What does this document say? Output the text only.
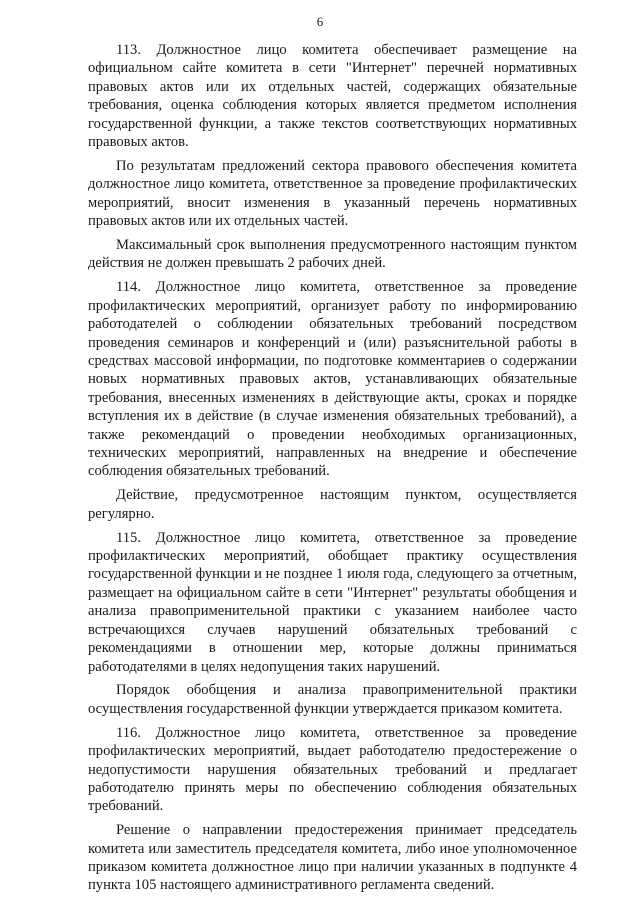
6

113. Должностное лицо комитета обеспечивает размещение на официальном сайте комитета в сети "Интернет" перечней нормативных правовых актов или их отдельных частей, содержащих обязательные требования, оценка соблюдения которых является предметом исполнения государственной функции, а также текстов соответствующих нормативных правовых актов.

По результатам предложений сектора правового обеспечения комитета должностное лицо комитета, ответственное за проведение профилактических мероприятий, вносит изменения в указанный перечень нормативных правовых актов или их отдельных частей.

Максимальный срок выполнения предусмотренного настоящим пунктом действия не должен превышать 2 рабочих дней.

114. Должностное лицо комитета, ответственное за проведение профилактических мероприятий, организует работу по информированию работодателей о соблюдении обязательных требований посредством проведения семинаров и конференций и (или) разъяснительной работы в средствах массовой информации, по подготовке комментариев о содержании новых нормативных правовых актов, устанавливающих обязательные требования, внесенных изменениях в действующие акты, сроках и порядке вступления их в действие (в случае изменения обязательных требований), а также рекомендаций о проведении необходимых организационных, технических мероприятий, направленных на внедрение и обеспечение соблюдения обязательных требований.

Действие, предусмотренное настоящим пунктом, осуществляется регулярно.

115. Должностное лицо комитета, ответственное за проведение профилактических мероприятий, обобщает практику осуществления государственной функции и не позднее 1 июля года, следующего за отчетным, размещает на официальном сайте в сети "Интернет" результаты обобщения и анализа правоприменительной практики с указанием наиболее часто встречающихся случаев нарушений обязательных требований с рекомендациями в отношении мер, которые должны приниматься работодателями в целях недопущения таких нарушений.

Порядок обобщения и анализа правоприменительной практики осуществления государственной функции утверждается приказом комитета.

116. Должностное лицо комитета, ответственное за проведение профилактических мероприятий, выдает работодателю предостережение о недопустимости нарушения обязательных требований и предлагает работодателю принять меры по обеспечению соблюдения обязательных требований.

Решение о направлении предостережения принимает председатель комитета или заместитель председателя комитета, либо иное уполномоченное приказом комитета должностное лицо при наличии указанных в подпункте 4 пункта 105 настоящего административного регламента сведений.
